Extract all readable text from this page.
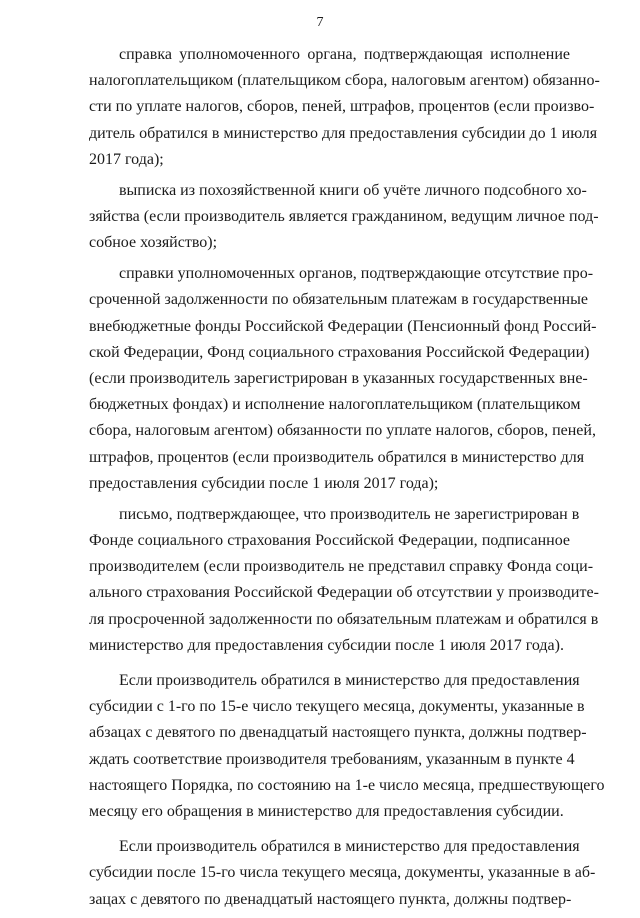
7

справка уполномоченного органа, подтверждающая исполнение
налогоплательщиком (плательщиком сбора, налоговым агентом) обязанно-
сти по уплате налогов, сборов, пеней, штрафов, процентов (если произво-
дитель обратился в министерство для предоставления субсидии до 1 июля
2017 года);

выписка из похозяйственной книги об учёте личного подсобного хо-
зяйства (если производитель является гражданином, ведущим личное под-
собное хозяйство);

справки уполномоченных органов, подтверждающие отсутствие про-
сроченной задолженности по обязательным платежам в государственные
внебюджетные фонды Российской Федерации (Пенсионный фонд Россий-
ской Федерации, Фонд социального страхования Российской Федерации)
(если производитель зарегистрирован в указанных государственных вне-
бюджетных фондах) и исполнение налогоплательщиком (плательщиком
сбора, налоговым агентом) обязанности по уплате налогов, сборов, пеней,
штрафов, процентов (если производитель обратился в министерство для
предоставления субсидии после 1 июля 2017 года);

письмо, подтверждающее, что производитель не зарегистрирован в
Фонде социального страхования Российской Федерации, подписанное
производителем (если производитель не представил справку Фонда соци-
ального страхования Российской Федерации об отсутствии у производите-
ля просроченной задолженности по обязательным платежам и обратился в
министерство для предоставления субсидии после 1 июля 2017 года).

Если производитель обратился в министерство для предоставления
субсидии с 1-го по 15-е число текущего месяца, документы, указанные в
абзацах с девятого по двенадцатый настоящего пункта, должны подтвер-
ждать соответствие производителя требованиям, указанным в пункте 4
настоящего Порядка, по состоянию на 1-е число месяца, предшествующего
месяцу его обращения в министерство для предоставления субсидии.

Если производитель обратился в министерство для предоставления
субсидии после 15-го числа текущего месяца, документы, указанные в аб-
зацах с девятого по двенадцатый настоящего пункта, должны подтвер-
